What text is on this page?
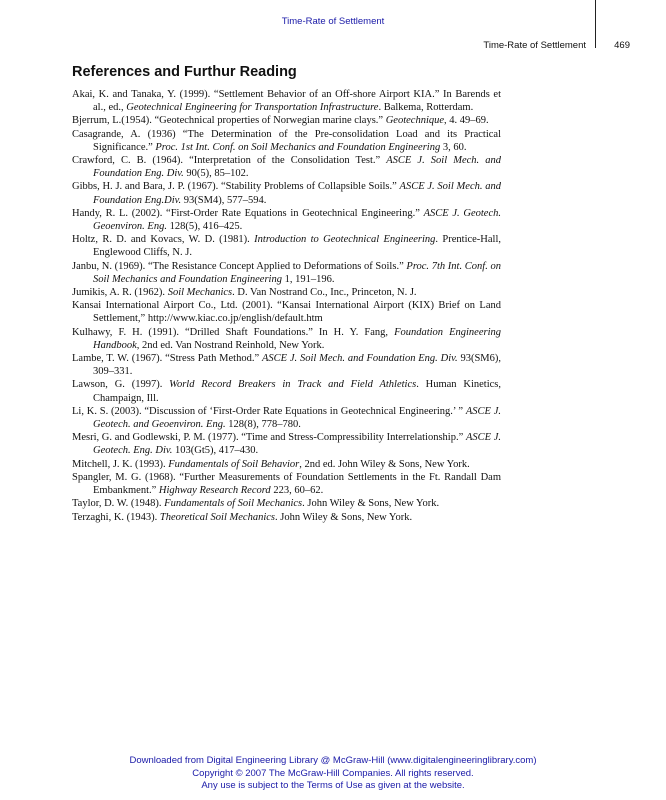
Time-Rate of Settlement
Time-Rate of Settlement	469
References and Furthur Reading
Akai, K. and Tanaka, Y. (1999). “Settlement Behavior of an Off-shore Airport KIA.” In Barends et al., ed., Geotechnical Engineering for Transportation Infrastructure. Balkema, Rotterdam.
Bjerrum, L.(1954). “Geotechnical properties of Norwegian marine clays.” Geotechnique, 4. 49–69.
Casagrande, A. (1936) “The Determination of the Pre-consolidation Load and its Practical Significance.” Proc. 1st Int. Conf. on Soil Mechanics and Foundation Engineering 3, 60.
Crawford, C. B. (1964). “Interpretation of the Consolidation Test.” ASCE J. Soil Mech. and Foundation Eng. Div. 90(5), 85–102.
Gibbs, H. J. and Bara, J. P. (1967). “Stability Problems of Collapsible Soils.” ASCE J. Soil Mech. and Foundation Eng.Div. 93(SM4), 577–594.
Handy, R. L. (2002). “First-Order Rate Equations in Geotechnical Engineering.” ASCE J. Geotech. Geoenviron. Eng. 128(5), 416–425.
Holtz, R. D. and Kovacs, W. D. (1981). Introduction to Geotechnical Engineering. Prentice-Hall, Englewood Cliffs, N. J.
Janbu, N. (1969). “The Resistance Concept Applied to Deformations of Soils.” Proc. 7th Int. Conf. on Soil Mechanics and Foundation Engineering 1, 191–196.
Jumikis, A. R. (1962). Soil Mechanics. D. Van Nostrand Co., Inc., Princeton, N. J.
Kansai International Airport Co., Ltd. (2001). “Kansai International Airport (KIX) Brief on Land Settlement,” http://www.kiac.co.jp/english/default.htm
Kulhawy, F. H. (1991). “Drilled Shaft Foundations.” In H. Y. Fang, Foundation Engineering Handbook, 2nd ed. Van Nostrand Reinhold, New York.
Lambe, T. W. (1967). “Stress Path Method.” ASCE J. Soil Mech. and Foundation Eng. Div. 93(SM6), 309–331.
Lawson, G. (1997). World Record Breakers in Track and Field Athletics. Human Kinetics, Champaign, Ill.
Li, K. S. (2003). “Discussion of ‘First-Order Rate Equations in Geotechnical Engineering.’ ” ASCE J. Geotech. and Geoenviron. Eng. 128(8), 778–780.
Mesri, G. and Godlewski, P. M. (1977). “Time and Stress-Compressibility Interrelationship.” ASCE J. Geotech. Eng. Div. 103(Gt5), 417–430.
Mitchell, J. K. (1993). Fundamentals of Soil Behavior, 2nd ed. John Wiley & Sons, New York.
Spangler, M. G. (1968). “Further Measurements of Foundation Settlements in the Ft. Randall Dam Embankment.” Highway Research Record 223, 60–62.
Taylor, D. W. (1948). Fundamentals of Soil Mechanics. John Wiley & Sons, New York.
Terzaghi, K. (1943). Theoretical Soil Mechanics. John Wiley & Sons, New York.
Downloaded from Digital Engineering Library @ McGraw-Hill (www.digitalengineeringlibrary.com)
Copyright © 2007 The McGraw-Hill Companies. All rights reserved.
Any use is subject to the Terms of Use as given at the website.
